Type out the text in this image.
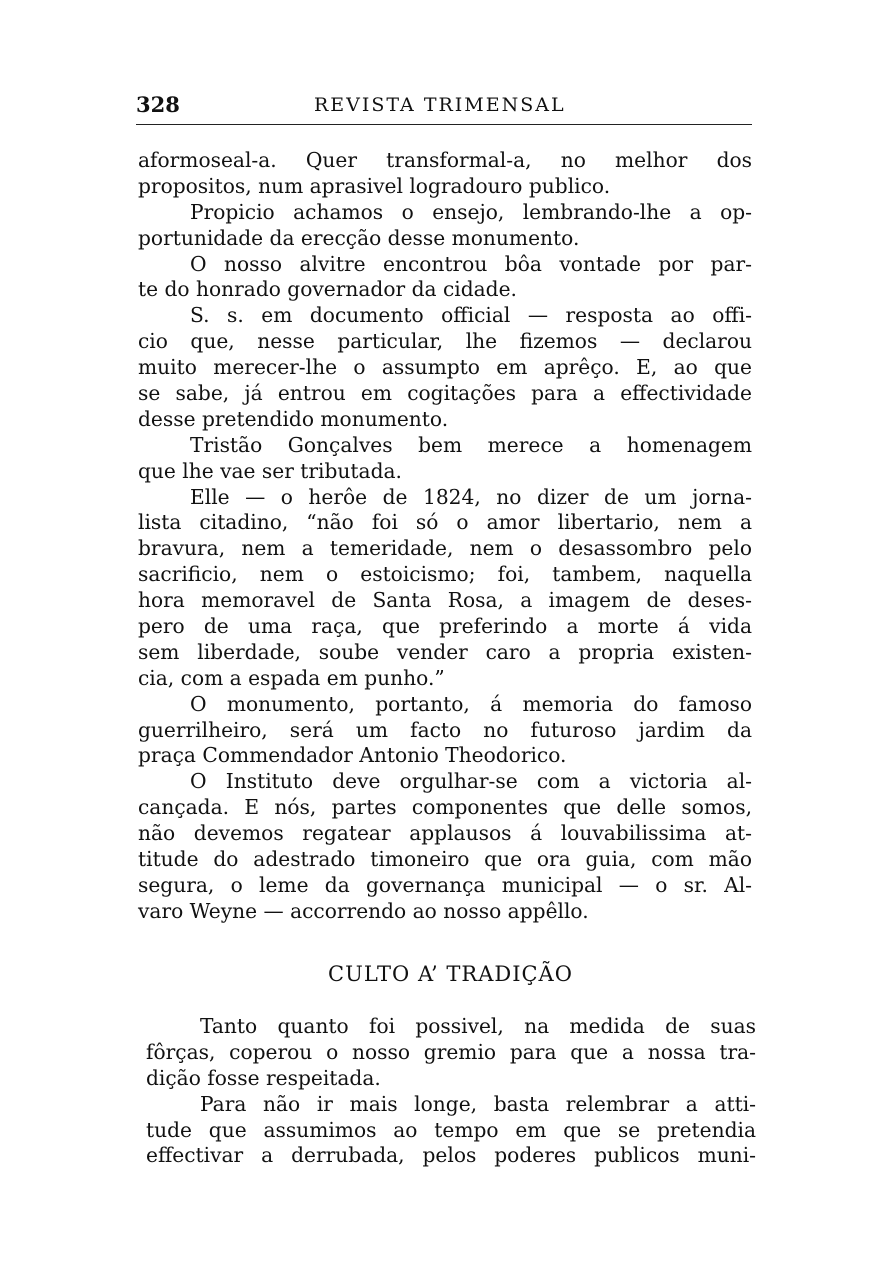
328	REVISTA TRIMENSAL
aformoseal-a. Quer transformal-a, no melhor dos
propositos, num aprasivel logradouro publico.
Propicio achamos o ensejo, lembrando-lhe a op-
portunidade da erecção desse monumento.
O nosso alvitre encontrou bôa vontade por par-
te do honrado governador da cidade.
S. s. em documento official — resposta ao offi-
cio que, nesse particular, lhe fizemos — declarou
muito merecer-lhe o assumpto em aprêço. E, ao que
se sabe, já entrou em cogitações para a effectividade
desse pretendido monumento.
Tristão Gonçalves bem merece a homenagem
que lhe vae ser tributada.
Elle — o herôe de 1824, no dizer de um jorna-
lista citadino, “não foi só o amor libertario, nem a
bravura, nem a temeridade, nem o desassombro pelo
sacrificio, nem o estoicismo; foi, tambem, naquella
hora memoravel de Santa Rosa, a imagem de deses-
pero de uma raça, que preferindo a morte á vida
sem liberdade, soube vender caro a propria existen-
cia, com a espada em punho.”
O monumento, portanto, á memoria do famoso
guerrilheiro, será um facto no futuroso jardim da
praça Commendador Antonio Theodorico.
O Instituto deve orgulhar-se com a victoria al-
cançada. E nós, partes componentes que delle somos,
não devemos regatear applausos á louvabilissima at-
titude do adestrado timoneiro que ora guia, com mão
segura, o leme da governança municipal — o sr. Al-
varo Weyne — accorrendo ao nosso appêllo.
CULTO A’ TRADIÇÃO
Tanto quanto foi possivel, na medida de suas
fôrças, coperou o nosso gremio para que a nossa tra-
dição fosse respeitada.
Para não ir mais longe, basta relembrar a atti-
tude que assumimos ao tempo em que se pretendia
effectivar a derrubada, pelos poderes publicos muni-
